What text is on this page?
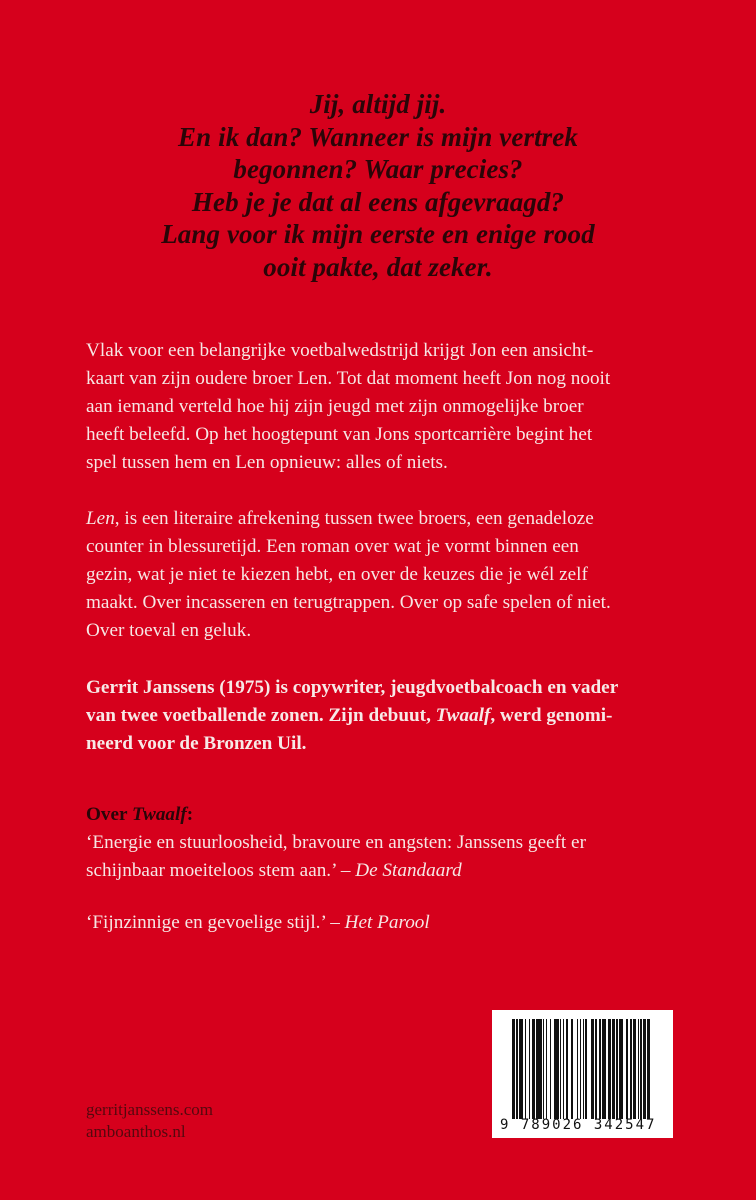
Jij, altijd jij.
En ik dan? Wanneer is mijn vertrek
begonnen? Waar precies?
Heb je je dat al eens afgevraagd?
Lang voor ik mijn eerste en enige rood
ooit pakte, dat zeker.
Vlak voor een belangrijke voetbalwedstrijd krijgt Jon een ansicht-
kaart van zijn oudere broer Len. Tot dat moment heeft Jon nog nooit
aan iemand verteld hoe hij zijn jeugd met zijn onmogelijke broer
heeft beleefd. Op het hoogtepunt van Jons sportcarrière begint het
spel tussen hem en Len opnieuw: alles of niets.
Len, is een literaire afrekening tussen twee broers, een genadeloze
counter in blessuretijd. Een roman over wat je vormt binnen een
gezin, wat je niet te kiezen hebt, en over de keuzes die je wél zelf
maakt. Over incasseren en terugtrappen. Over op safe spelen of niet.
Over toeval en geluk.
Gerrit Janssens (1975) is copywriter, jeugdvoetbalcoach en vader
van twee voetballende zonen. Zijn debuut, Twaalf, werd genomi-
neerd voor de Bronzen Uil.
Over Twaalf:
‘Energie en stuurloosheid, bravoure en angsten: Janssens geeft er
schijnbaar moeiteloos stem aan.’ – De Standaard
‘Fijnzinnige en gevoelige stijl.’ – Het Parool
gerritjanssens.com
amboanthos.nl	9 789026 342547
